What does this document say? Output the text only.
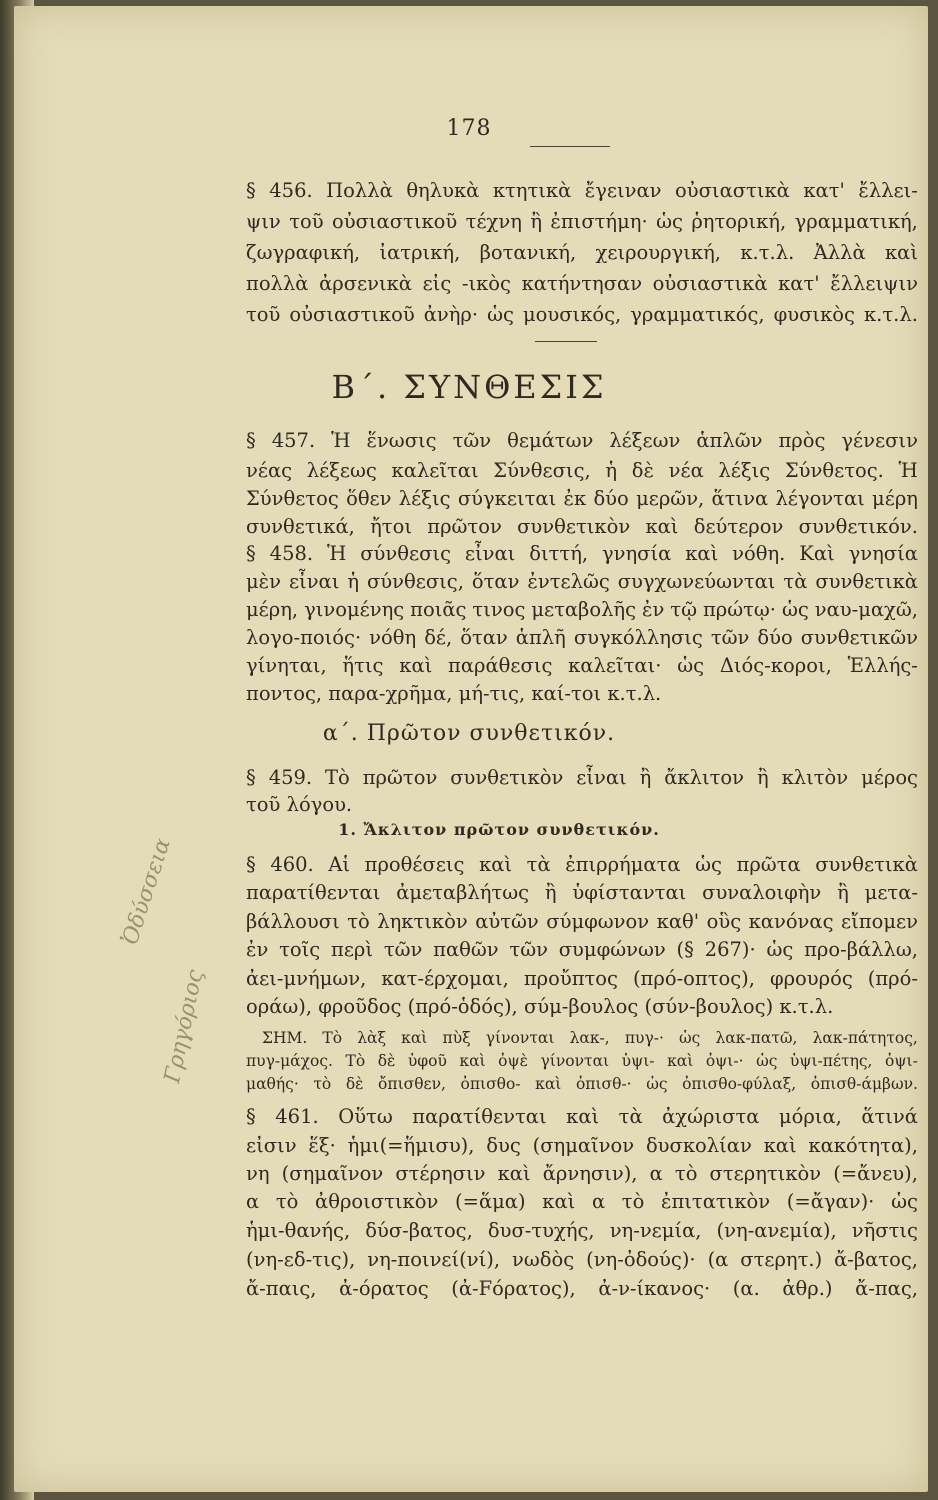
178
§ 456. Πολλὰ θηλυκὰ κτητικὰ ἔγειναν οὐσιαστικὰ κατ' ἔλλει-
ψιν τοῦ οὐσιαστικοῦ τέχνη ἢ ἐπιστήμη· ὡς ῥητορική, γραμματική,
ζωγραφική, ἰατρική, βοτανική, χειρουργική, κ.τ.λ. Ἀλλὰ καὶ
πολλὰ ἀρσενικὰ εἰς -ικὸς κατήντησαν οὐσιαστικὰ κατ' ἔλλειψιν
τοῦ οὐσιαστικοῦ ἀνὴρ· ὡς μουσικός, γραμματικός, φυσικὸς κ.τ.λ.
Β΄. ΣΥΝΘΕΣΙΣ
§ 457. Ἡ ἕνωσις τῶν θεμάτων λέξεων ἁπλῶν πρὸς γένεσιν
νέας λέξεως καλεῖται Σύνθεσις, ἡ δὲ νέα λέξις Σύνθετος. Ἡ
Σύνθετος ὅθεν λέξις σύγκειται ἐκ δύο μερῶν, ἅτινα λέγονται μέρη
συνθετικά, ἤτοι πρῶτον συνθετικὸν καὶ δεύτερον συνθετικόν.
§ 458. Ἡ σύνθεσις εἶναι διττή, γνησία καὶ νόθη. Καὶ γνησία
μὲν εἶναι ἡ σύνθεσις, ὅταν ἐντελῶς συγχωνεύωνται τὰ συνθετικὰ
μέρη, γινομένης ποιᾶς τινος μεταβολῆς ἐν τῷ πρώτῳ· ὡς ναυ-μαχῶ,
λογο-ποιός· νόθη δέ, ὅταν ἁπλῆ συγκόλλησις τῶν δύο συνθετικῶν
γίνηται, ἥτις καὶ παράθεσις καλεῖται· ὡς Διός-κοροι, Ἑλλής-
ποντος, παρα-χρῆμα, μή-τις, καί-τοι κ.τ.λ.
α΄. Πρῶτον συνθετικόν.
§ 459. Τὸ πρῶτον συνθετικὸν εἶναι ἢ ἄκλιτον ἢ κλιτὸν μέρος
τοῦ λόγου.
1. Ἄκλιτον πρῶτον συνθετικόν.
§ 460. Αἱ προθέσεις καὶ τὰ ἐπιρρήματα ὡς πρῶτα συνθετικὰ
παρατίθενται ἀμεταβλήτως ἢ ὑφίστανται συναλοιφὴν ἢ μετα-
βάλλουσι τὸ ληκτικὸν αὐτῶν σύμφωνον καθ' οὓς κανόνας εἴπομεν
ἐν τοῖς περὶ τῶν παθῶν τῶν συμφώνων (§ 267)· ὡς προ-βάλλω,
ἀει-μνήμων, κατ-έρχομαι, προὔπτος (πρό-οπτος), φρουρός (πρό-
οράω), φροῦδος (πρό-ὁδός), σύμ-βουλος (σύν-βουλος) κ.τ.λ.
ΣΗΜ. Τὸ λὰξ καὶ πὺξ γίνονται λακ-, πυγ-· ὡς λακ-πατῶ, λακ-πάτητος,
πυγ-μάχος. Τὸ δὲ ὑφοῦ καὶ ὀψὲ γίνονται ὑψι- καὶ ὀψι-· ὡς ὑψι-πέτης, ὀψι-
μαθής· τὸ δὲ ὄπισθεν, ὀπισθο- καὶ ὀπισθ-· ὡς ὀπισθο-φύλαξ, ὀπισθ-άμβων.
§ 461. Οὕτω παρατίθενται καὶ τὰ ἀχώριστα μόρια, ἅτινά
εἰσιν ἕξ· ἡμι(=ἥμισυ), δυς (σημαῖνον δυσκολίαν καὶ κακότητα),
νη (σημαῖνον στέρησιν καὶ ἄρνησιν), α τὸ στερητικὸν (=ἄνευ),
α τὸ ἀθροιστικὸν (=ἅμα) καὶ α τὸ ἐπιτατικὸν (=ἄγαν)· ὡς
ἡμι-θανής, δύσ-βατος, δυσ-τυχής, νη-νεμία, (νη-ανεμία), νῆστις
(νη-εδ-τις), νη-ποινεί(νί), νωδὸς (νη-ὀδούς)· (α στερητ.) ἄ-βατος,
ἄ-παις, ἀ-όρατος (ἀ-Fόρατος), ἀ-ν-ίκανος· (α. ἀθρ.) ἄ-πας,
Ὀδύσσεια
Γρηγόριος
